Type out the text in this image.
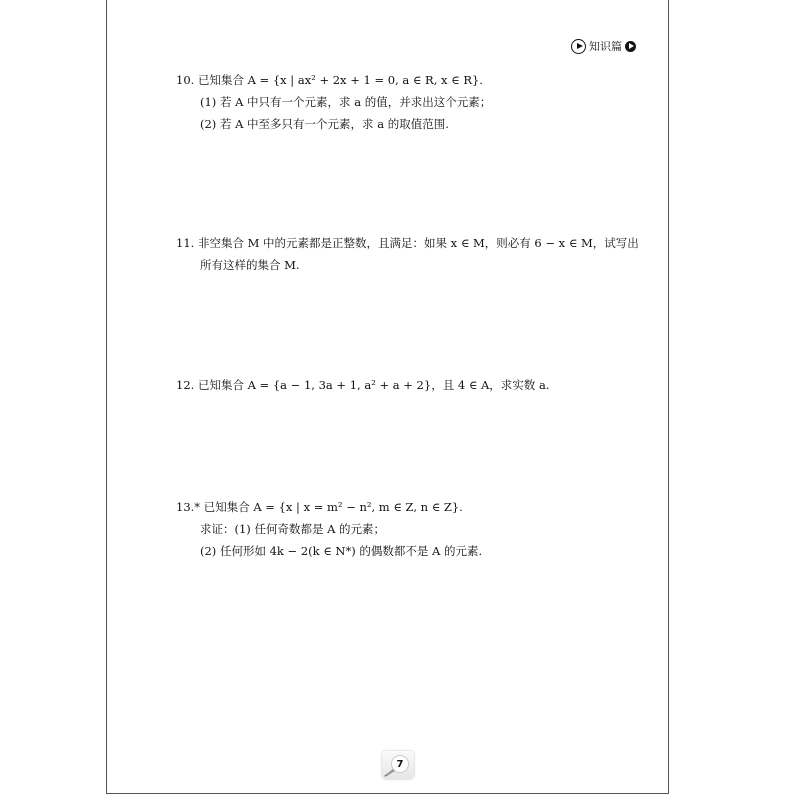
知识篇
10. 已知集合 A = {x | ax² + 2x + 1 = 0, a ∈ R, x ∈ R}.
(1) 若 A 中只有一个元素，求 a 的值，并求出这个元素；
(2) 若 A 中至多只有一个元素，求 a 的取值范围.
11. 非空集合 M 中的元素都是正整数，且满足：如果 x ∈ M，则必有 6 − x ∈ M，试写出
所有这样的集合 M.
12. 已知集合 A = {a − 1, 3a + 1, a² + a + 2}，且 4 ∈ A，求实数 a.
13.* 已知集合 A = {x | x = m² − n², m ∈ Z, n ∈ Z}.
求证：(1) 任何奇数都是 A 的元素；
(2) 任何形如 4k − 2(k ∈ N*) 的偶数都不是 A 的元素.
7
